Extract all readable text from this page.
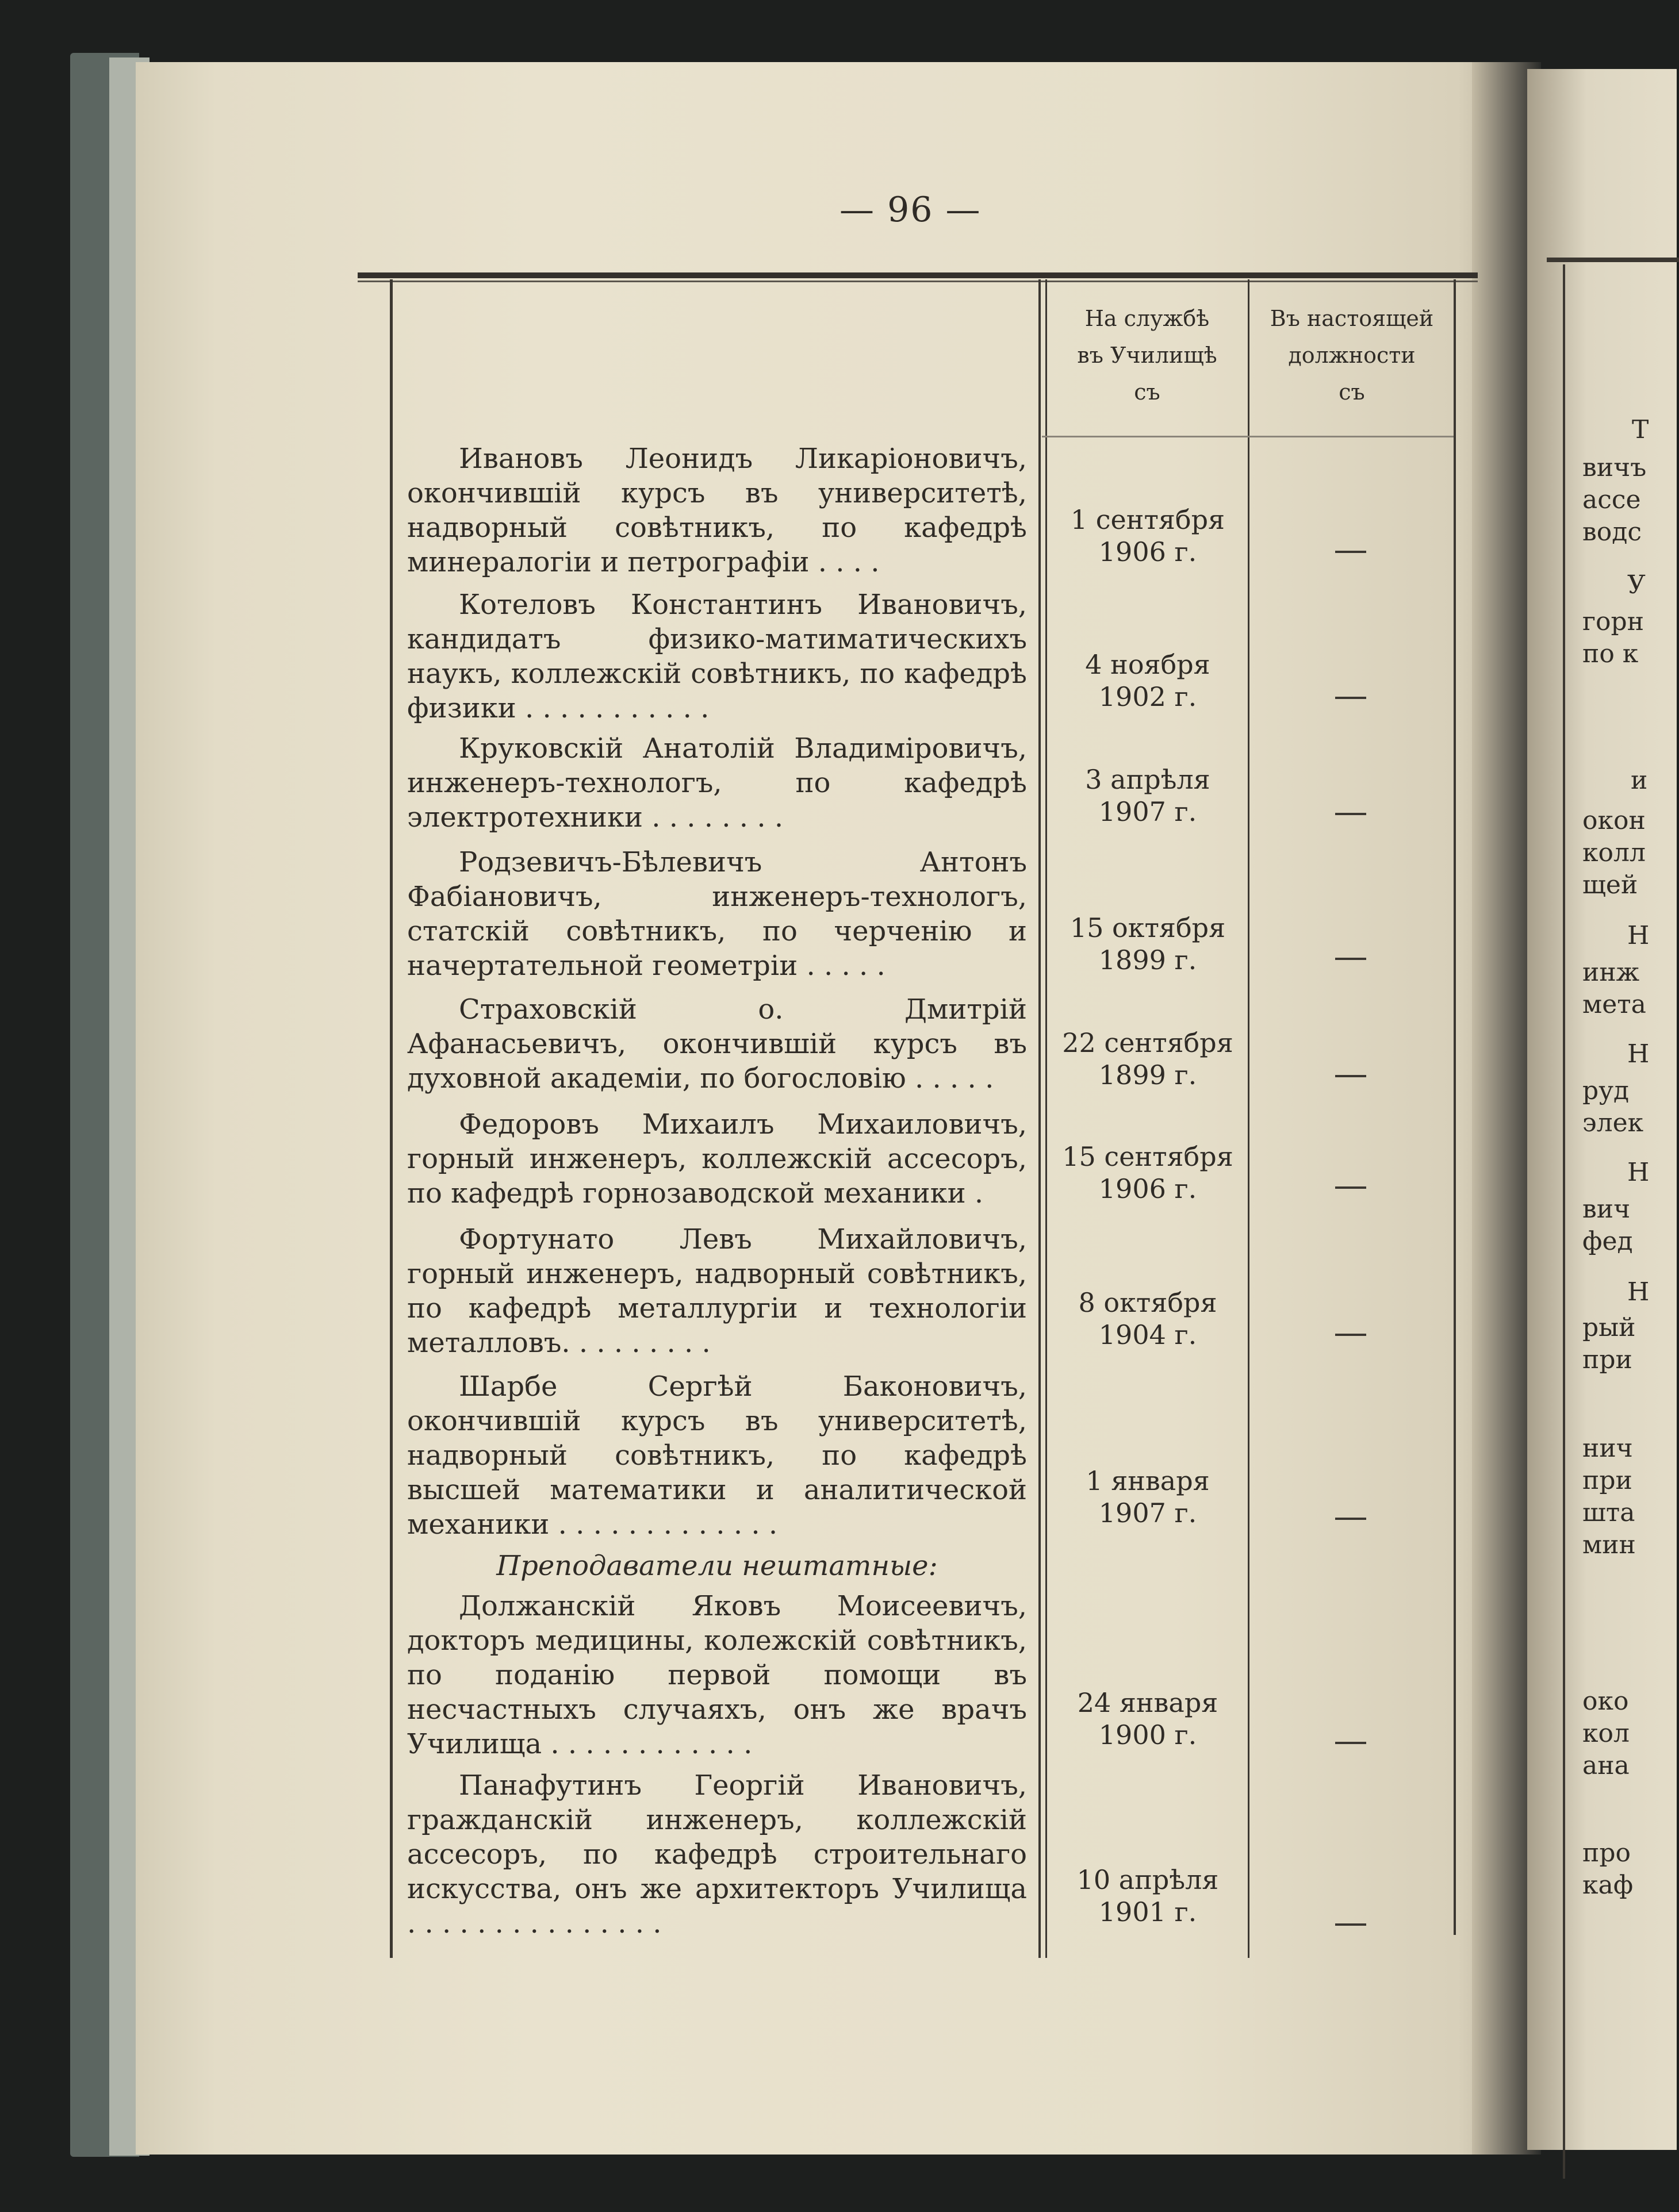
— 96 —
На службѣ
въ Училищѣ
съ
Въ настоящей
должности
съ
Ивановъ Леонидъ Ликаріоновичъ, окончившій курсъ въ университетѣ, надворный совѣтникъ, по кафедрѣ минералогіи и петрографіи . . . .
1 сентября
1906 г.
Котеловъ Константинъ Ивановичъ, кандидатъ физико-матиматическихъ наукъ, коллежскій совѣтникъ, по кафедрѣ физики . . . . . . . . . . .
4 ноября
1902 г.
Круковскій Анатолій Владиміровичъ, инженеръ-технологъ, по кафедрѣ электротехники . . . . . . . .
3 апрѣля
1907 г.
Родзевичъ-Бѣлевичъ Антонъ Фабіановичъ, инженеръ-технологъ, статскій совѣтникъ, по черченію и начертательной геометріи . . . . .
15 октября
1899 г.
Страховскій о. Дмитрій Афанасьевичъ, окончившій курсъ въ духовной академіи, по богословію . . . . .
22 сентября
1899 г.
Федоровъ Михаилъ Михаиловичъ, горный инженеръ, коллежскій ассесоръ, по кафедрѣ горнозаводской механики .
15 сентября
1906 г.
Фортунато Левъ Михайловичъ, горный инженеръ, надворный совѣтникъ, по кафедрѣ металлургіи и технологіи металловъ. . . . . . . . .
8 октября
1904 г.
Шарбе Сергѣй Баконовичъ, окончившій курсъ въ университетѣ, надворный совѣтникъ, по кафедрѣ высшей математики и аналитической механики . . . . . . . . . . . . .
1 января
1907 г.
Преподаватели нештатные:
Должанскій Яковъ Моисеевичъ, докторъ медицины, колежскій совѣтникъ, по поданію первой помощи въ несчастныхъ случаяхъ, онъ же врачъ Училища . . . . . . . . . . . .
24 января
1900 г.
Панафутинъ Георгій Ивановичъ, гражданскій инженеръ, коллежскій ассесоръ, по кафедрѣ строительнаго искусства, онъ же архитекторъ Училища . . . . . . . . . . . . . . .
10 апрѣля
1901 г.
Т
вичъ
ассе
водс
У
горн
по к
и
окон
колл
щей
Н
инж
мета
Н
руд
элек
Н
вич
фед
Н
рый
при
нич
при
шта
мин
око
кол
ана
про
каф
